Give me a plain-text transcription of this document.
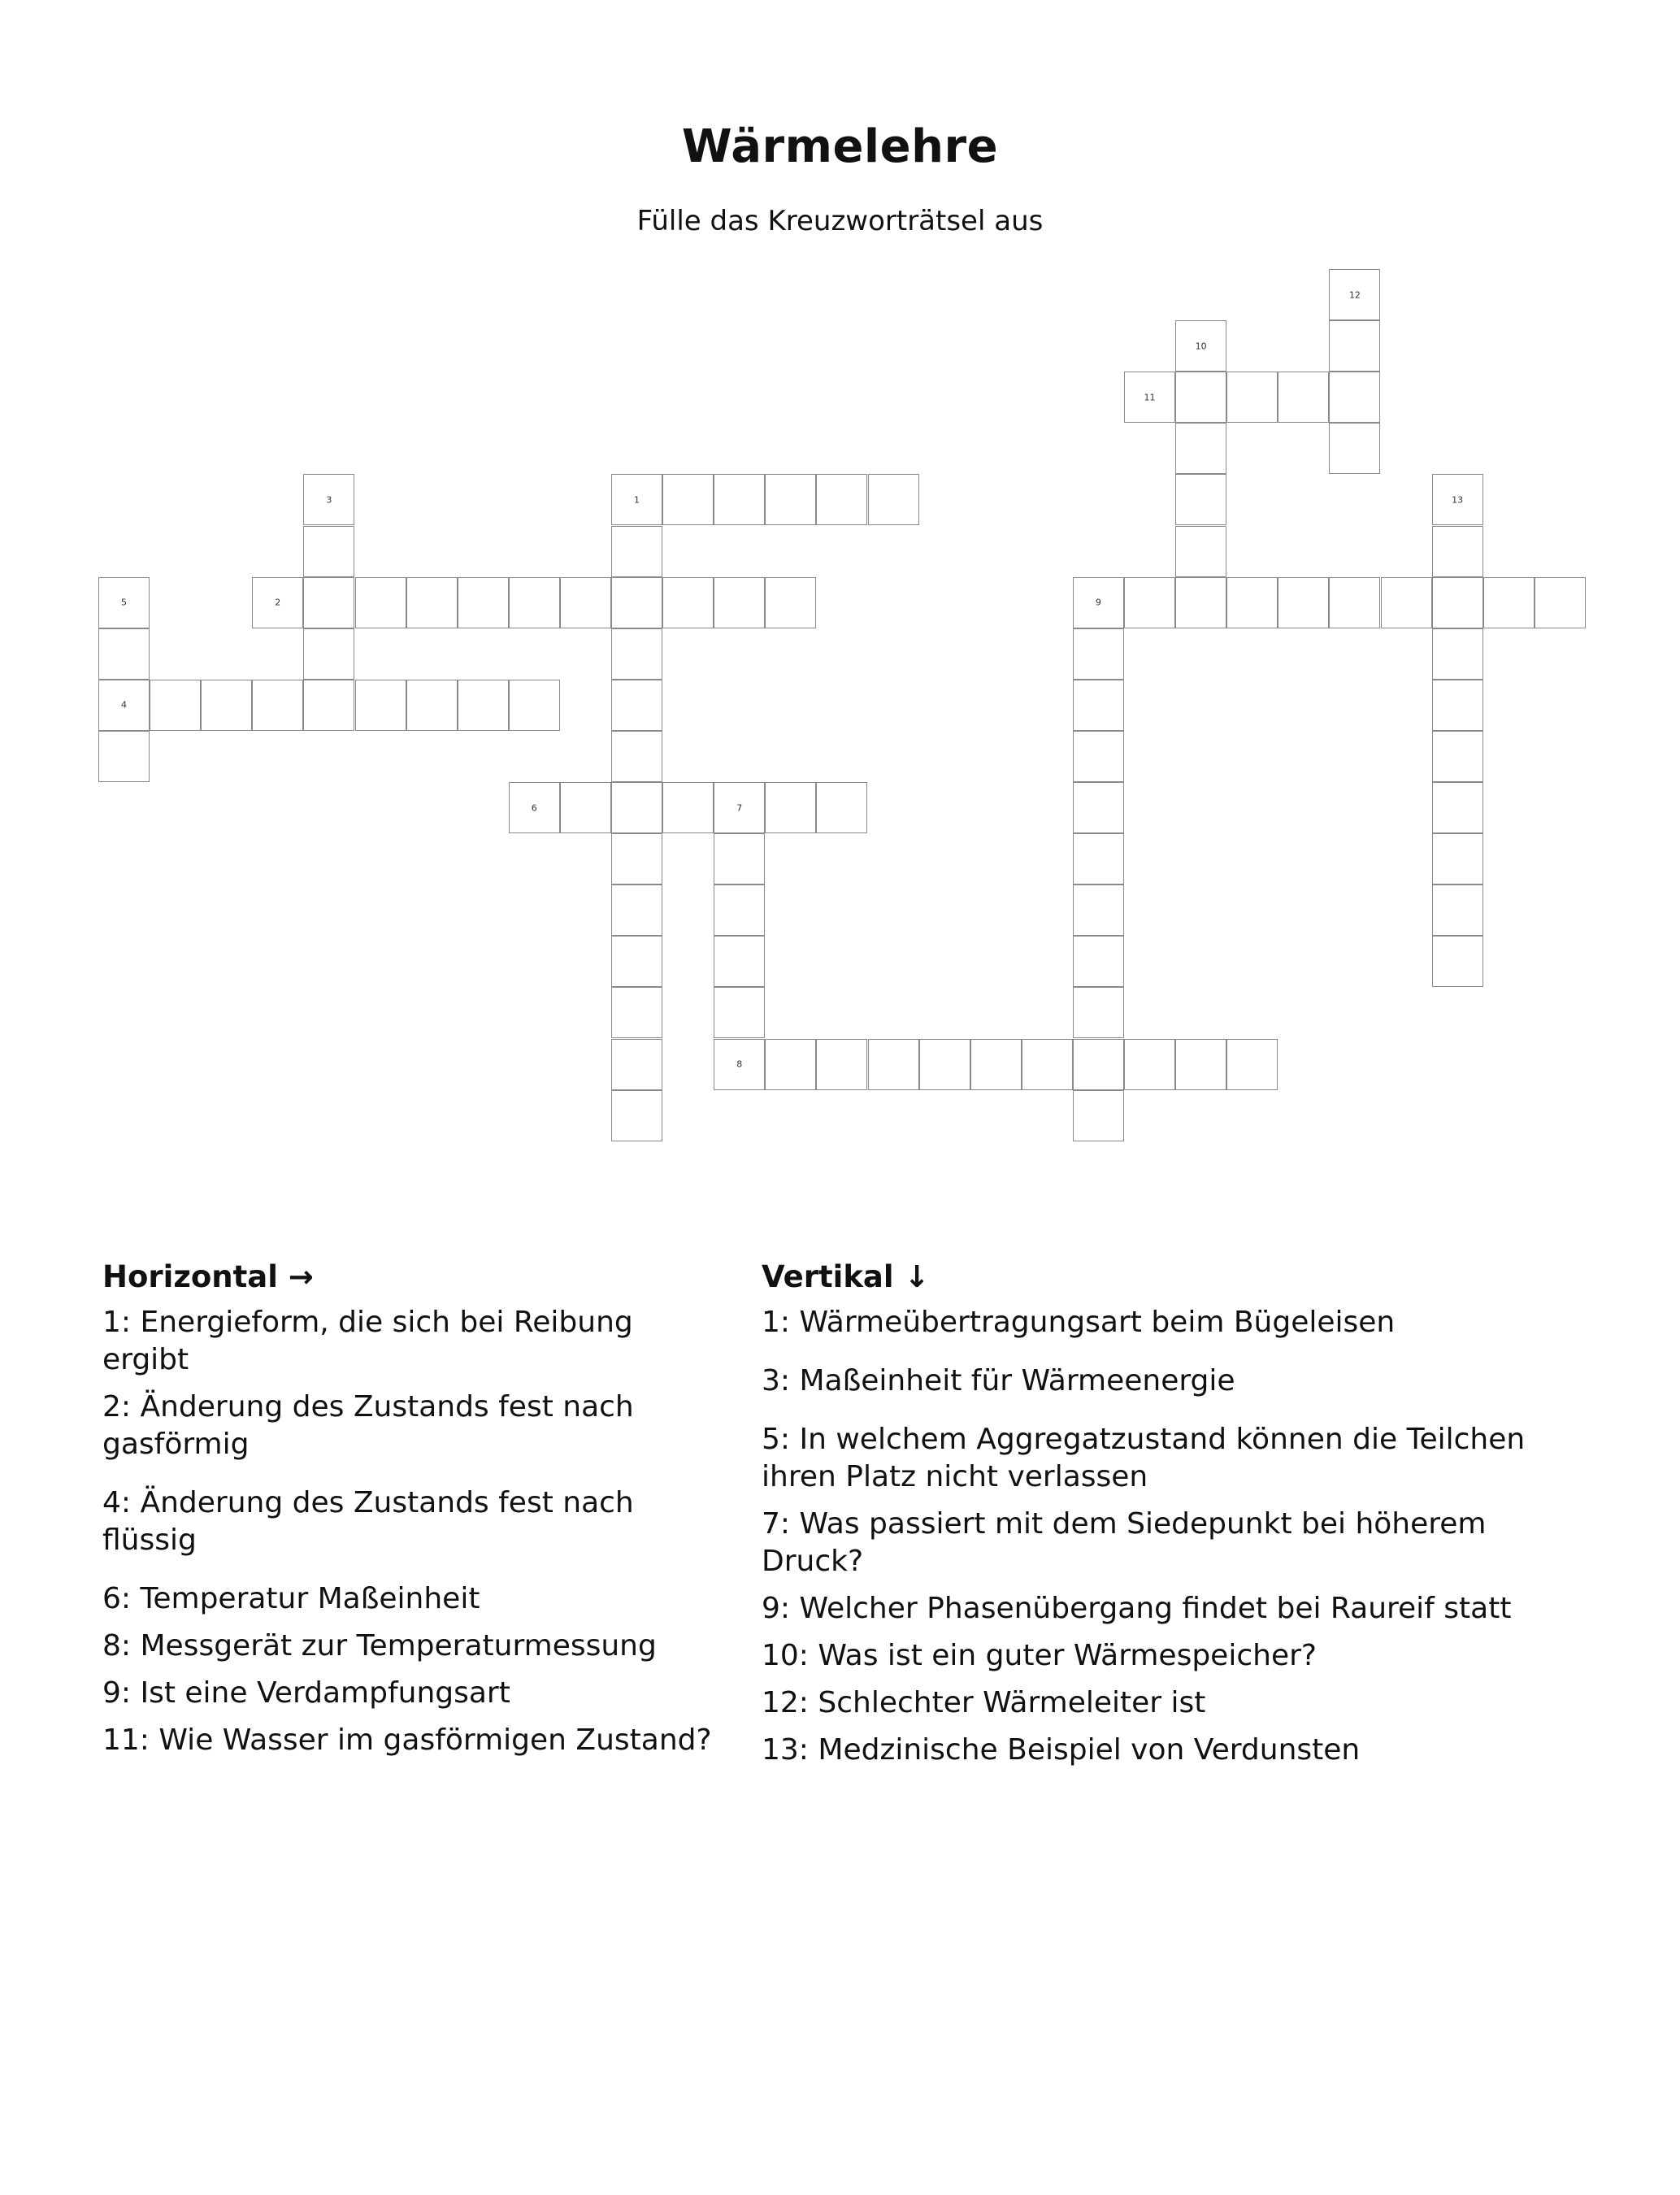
Wärmelehre
Fülle das Kreuzworträtsel aus
1
2
4
6	7
8
9
11
3
5
10
12
13
Horizontal →
1: Energieform, die sich bei Reibung ergibt
2: Änderung des Zustands fest nach gasförmig
4: Änderung des Zustands fest nach flüssig
6: Temperatur Maßeinheit
8: Messgerät zur Temperaturmessung
9: Ist eine Verdampfungsart
11: Wie Wasser im gasförmigen Zustand?
Vertikal ↓
1: Wärmeübertragungsart beim Bügeleisen
3: Maßeinheit für Wärmeenergie
5: In welchem Aggregatzustand können die Teilchen ihren Platz nicht verlassen
7: Was passiert mit dem Siedepunkt bei höherem Druck?
9: Welcher Phasenübergang findet bei Raureif statt
10: Was ist ein guter Wärmespeicher?
12: Schlechter Wärmeleiter ist
13: Medzinische Beispiel von Verdunsten
